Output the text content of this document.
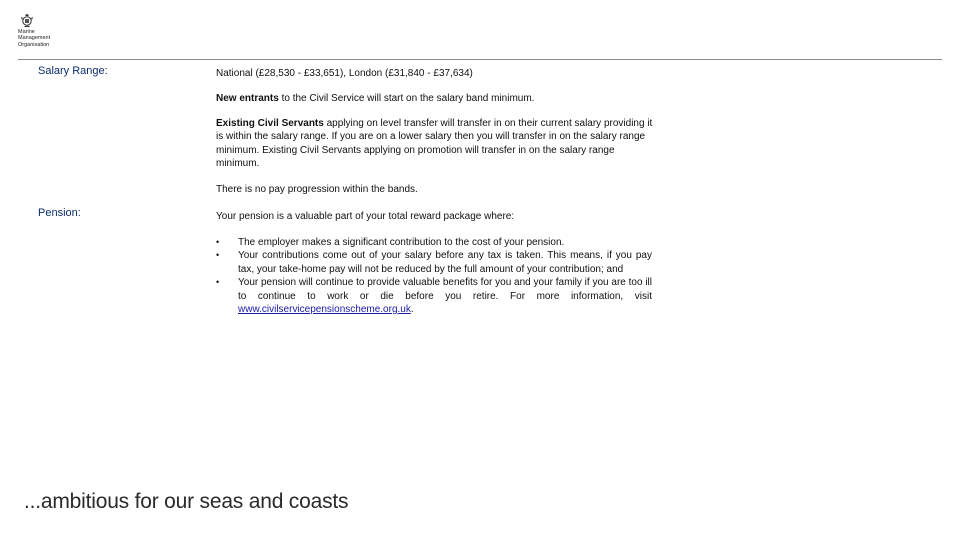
Marine
Management
Organisation
Salary Range:	National (£28,530 - £33,651), London (£31,840 - £37,634)
New entrants to the Civil Service will start on the salary band minimum.
Existing Civil Servants applying on level transfer will transfer in on their current salary providing it is within the salary range. If you are on a lower salary then you will transfer in on the salary range minimum. Existing Civil Servants applying on promotion will transfer in on the salary range minimum.
There is no pay progression within the bands.
Pension:	Your pension is a valuable part of your total reward package where:
• The employer makes a significant contribution to the cost of your pension.
• Your contributions come out of your salary before any tax is taken. This means, if you pay tax, your take-home pay will not be reduced by the full amount of your contribution; and
• Your pension will continue to provide valuable benefits for you and your family if you are too ill to continue to work or die before you retire. For more information, visit www.civilservicepensionscheme.org.uk.
...ambitious for our seas and coasts
